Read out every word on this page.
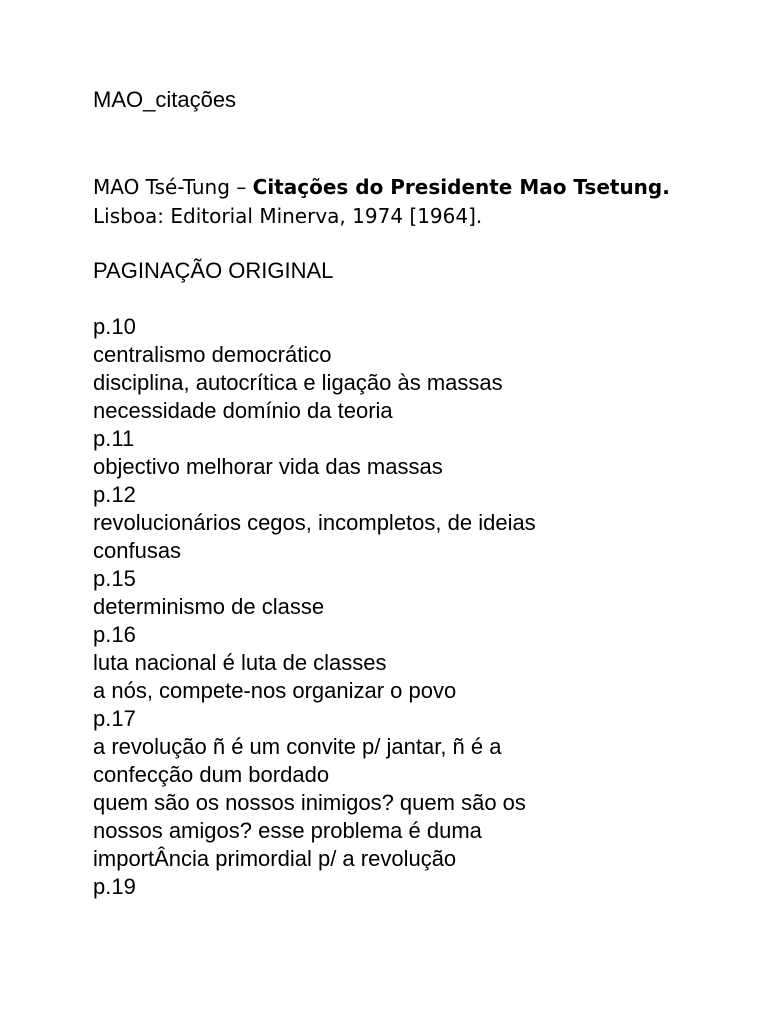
MAO_citações
MAO Tsé-Tung – Citações do Presidente Mao Tsetung. Lisboa: Editorial Minerva, 1974 [1964].
PAGINAÇÃO ORIGINAL
p.10
centralismo democrático
disciplina, autocrítica e ligação às massas
necessidade domínio da teoria
p.11
objectivo melhorar vida das massas
p.12
revolucionários cegos, incompletos, de ideias
confusas
p.15
determinismo de classe
p.16
luta nacional é luta de classes
a nós, compete-nos organizar o povo
p.17
a revolução ñ é um convite p/ jantar, ñ é a
confecção dum bordado
quem são os nossos inimigos? quem são os
nossos amigos? esse problema é duma
importÂncia primordial p/ a revolução
p.19
